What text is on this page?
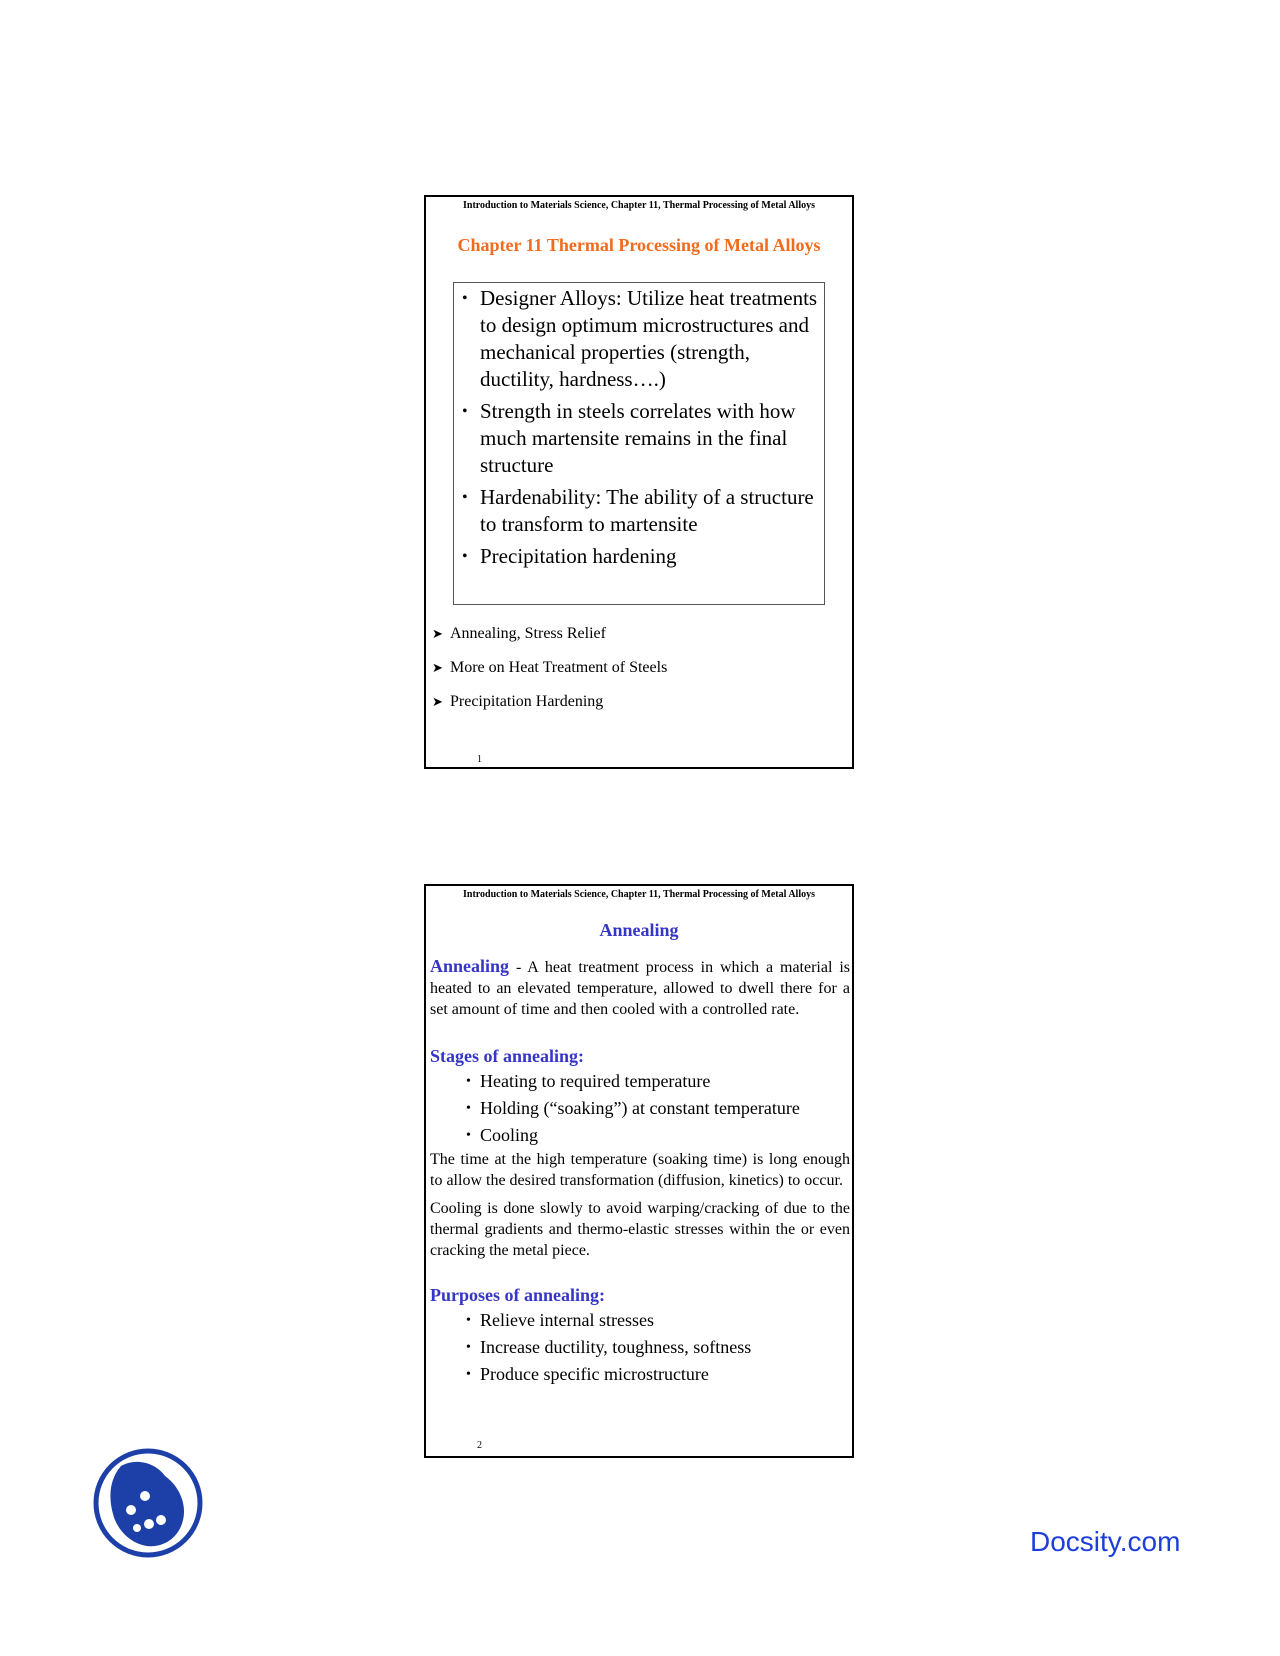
Introduction to Materials Science, Chapter 11, Thermal Processing of Metal Alloys
Chapter 11 Thermal Processing of Metal Alloys
• Designer Alloys: Utilize heat treatments to design optimum microstructures and mechanical properties (strength, ductility, hardness….)
• Strength in steels correlates with how much martensite remains in the final structure
• Hardenability: The ability of a structure to transform to martensite
• Precipitation hardening
➤ Annealing, Stress Relief
➤ More on Heat Treatment of Steels
➤ Precipitation Hardening
1
Introduction to Materials Science, Chapter 11, Thermal Processing of Metal Alloys
Annealing

Annealing - A heat treatment process in which a material is heated to an elevated temperature, allowed to dwell there for a set amount of time and then cooled with a controlled rate.

Stages of annealing:
• Heating to required temperature
• Holding (“soaking”) at constant temperature
• Cooling

The time at the high temperature (soaking time) is long enough to allow the desired transformation (diffusion, kinetics) to occur.

Cooling is done slowly to avoid warping/cracking of due to the thermal gradients and thermo-elastic stresses within the or even cracking the metal piece.

Purposes of annealing:
• Relieve internal stresses
• Increase ductility, toughness, softness
• Produce specific microstructure
2
Docsity.com
